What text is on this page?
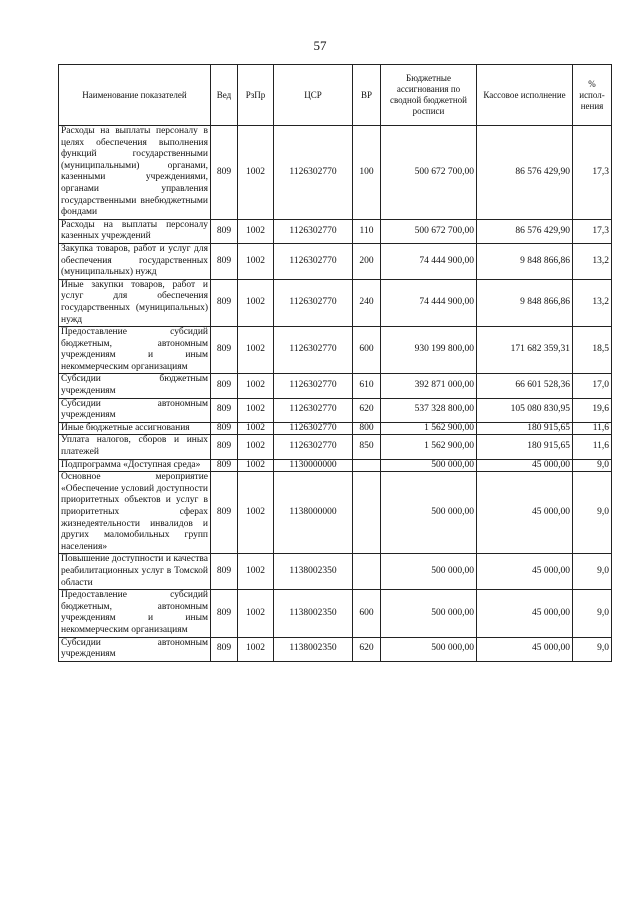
57
Наименование показателей	Вед	РзПр	ЦСР	ВР	Бюджетные ассигнования по сводной бюджетной росписи	Кассовое исполнение	% испол-нения
Расходы на выплаты персоналу в целях обеспечения выполнения функций государственными (муниципальными) органами, казенными учреждениями, органами управления государственными внебюджетными фондами	809	1002	1126302770	100	500 672 700,00	86 576 429,90	17,3
Расходы на выплаты персоналу казенных учреждений	809	1002	1126302770	110	500 672 700,00	86 576 429,90	17,3
Закупка товаров, работ и услуг для обеспечения государственных (муниципальных) нужд	809	1002	1126302770	200	74 444 900,00	9 848 866,86	13,2
Иные закупки товаров, работ и услуг для обеспечения государственных (муниципальных) нужд	809	1002	1126302770	240	74 444 900,00	9 848 866,86	13,2
Предоставление субсидий бюджетным, автономным учреждениям и иным некоммерческим организациям	809	1002	1126302770	600	930 199 800,00	171 682 359,31	18,5
Субсидии бюджетным учреждениям	809	1002	1126302770	610	392 871 000,00	66 601 528,36	17,0
Субсидии автономным учреждениям	809	1002	1126302770	620	537 328 800,00	105 080 830,95	19,6
Иные бюджетные ассигнования	809	1002	1126302770	800	1 562 900,00	180 915,65	11,6
Уплата налогов, сборов и иных платежей	809	1002	1126302770	850	1 562 900,00	180 915,65	11,6
Подпрограмма «Доступная среда»	809	1002	1130000000		500 000,00	45 000,00	9,0
Основное мероприятие «Обеспечение условий доступности приоритетных объектов и услуг в приоритетных сферах жизнедеятельности инвалидов и других маломобильных групп населения»	809	1002	1138000000		500 000,00	45 000,00	9,0
Повышение доступности и качества реабилитационных услуг в Томской области	809	1002	1138002350		500 000,00	45 000,00	9,0
Предоставление субсидий бюджетным, автономным учреждениям и иным некоммерческим организациям	809	1002	1138002350	600	500 000,00	45 000,00	9,0
Субсидии автономным учреждениям	809	1002	1138002350	620	500 000,00	45 000,00	9,0
